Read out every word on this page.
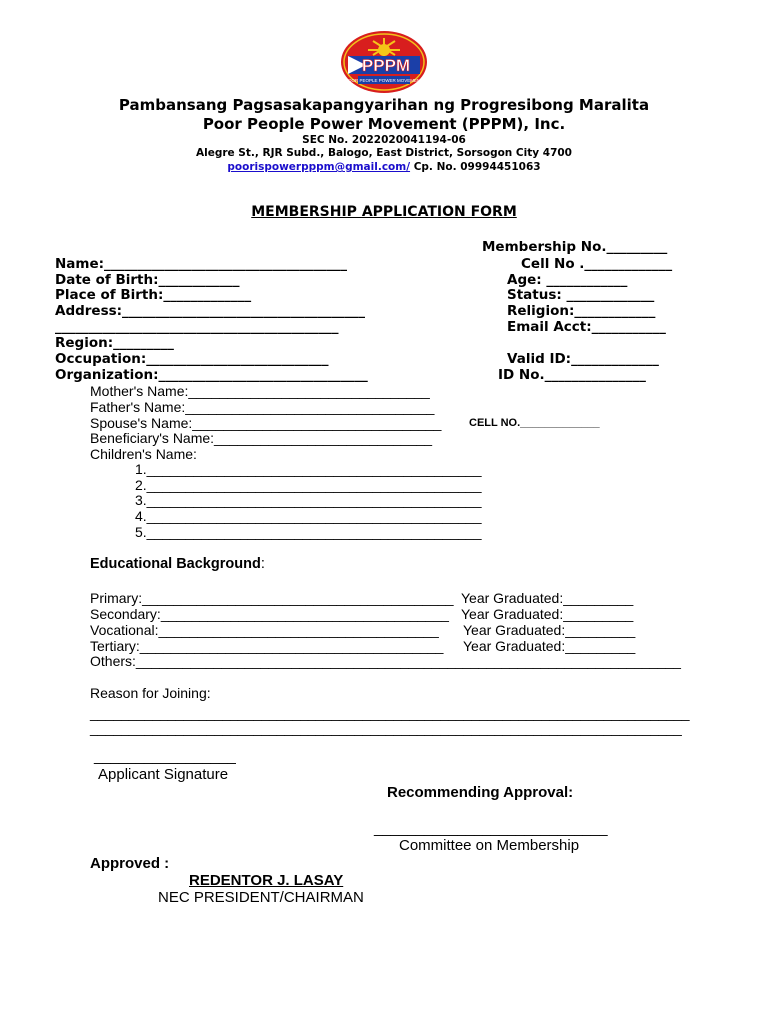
PPPM
POOR PEOPLE POWER MOVEMENT
Pambansang Pagsasakapangyarihan ng Progresibong Maralita
Poor People Power Movement (PPPM), Inc.
SEC No. 2022020041194-06
Alegre St., RJR Subd., Balogo, East District, Sorsogon City 4700
poorispowerpppm@gmail.com/ Cp. No. 09994451063
MEMBERSHIP APPLICATION FORM
Membership No._________
Name:____________________________________
Date of Birth:____________
Place of Birth:_____________
Address:____________________________________
__________________________________________
Region:_________
Occupation:___________________________
Organization:_______________________________
Cell No ._____________
Age: ____________
Status: _____________
Religion:____________
Email Acct:___________
Valid ID:_____________
ID No._______________
Mother's Name:_______________________________
Father's Name:________________________________
Spouse's Name:________________________________	CELL NO._____________
Beneficiary's Name:____________________________
Children's Name:
1.___________________________________________
2.___________________________________________
3.___________________________________________
4.___________________________________________
5.___________________________________________
Educational Background:
Primary:________________________________________ Year Graduated:_________
Secondary:_____________________________________ Year Graduated:_________
Vocational:____________________________________ Year Graduated:_________
Tertiary:_______________________________________ Year Graduated:_________
Others:______________________________________________________________________
Reason for Joining:
_____________________________________________________________________________
____________________________________________________________________________
_________________
Applicant Signature
Recommending Approval:
____________________________
Committee on Membership
Approved :
REDENTOR J. LASAY
NEC PRESIDENT/CHAIRMAN
